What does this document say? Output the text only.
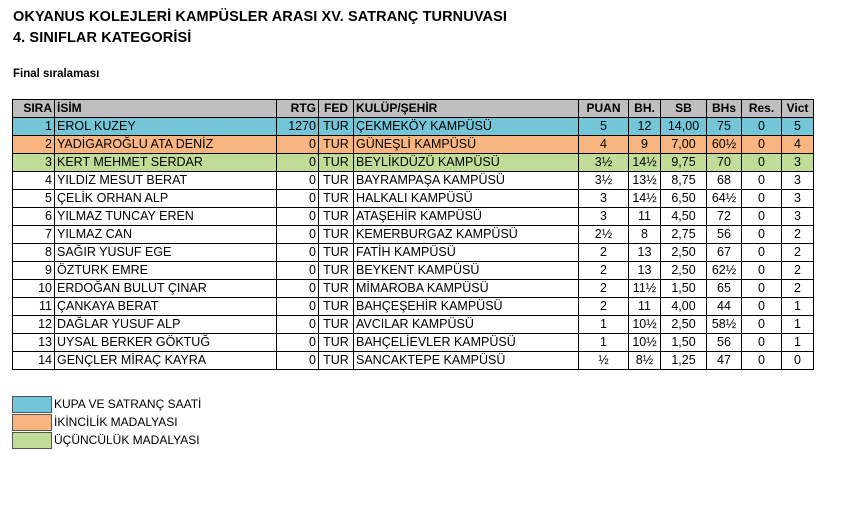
OKYANUS KOLEJLERİ KAMPÜSLER ARASI XV. SATRANÇ TURNUVASI
4. SINIFLAR KATEGORİSİ
Final sıralaması
SIRA	İSİM	RTG	FED	KULÜP/ŞEHİR	PUAN	BH.	SB	BHs	Res.	Vict
1	EROL KUZEY	1270	TUR	ÇEKMEKÖY KAMPÜSÜ	5	12	14,00	75	0	5
2	YADİGAROĞLU ATA DENİZ	0	TUR	GÜNEŞLİ KAMPÜSÜ	4	9	7,00	60½	0	4
3	KERT MEHMET SERDAR	0	TUR	BEYLİKDÜZÜ KAMPÜSÜ	3½	14½	9,75	70	0	3
4	YILDIZ MESUT BERAT	0	TUR	BAYRAMPAŞA KAMPÜSÜ	3½	13½	8,75	68	0	3
5	ÇELİK ORHAN ALP	0	TUR	HALKALI KAMPÜSÜ	3	14½	6,50	64½	0	3
6	YILMAZ TUNCAY EREN	0	TUR	ATAŞEHİR KAMPÜSÜ	3	11	4,50	72	0	3
7	YILMAZ CAN	0	TUR	KEMERBURGAZ KAMPÜSÜ	2½	8	2,75	56	0	2
8	SAĞIR YUSUF EGE	0	TUR	FATİH KAMPÜSÜ	2	13	2,50	67	0	2
9	ÖZTURK EMRE	0	TUR	BEYKENT KAMPÜSÜ	2	13	2,50	62½	0	2
10	ERDOĞAN BULUT ÇINAR	0	TUR	MİMAROBA KAMPÜSÜ	2	11½	1,50	65	0	2
11	ÇANKAYA BERAT	0	TUR	BAHÇEŞEHİR KAMPÜSÜ	2	11	4,00	44	0	1
12	DAĞLAR YUSUF ALP	0	TUR	AVCILAR KAMPÜSÜ	1	10½	2,50	58½	0	1
13	UYSAL BERKER GÖKTUĞ	0	TUR	BAHÇELİEVLER KAMPÜSÜ	1	10½	1,50	56	0	1
14	GENÇLER MİRAÇ KAYRA	0	TUR	SANCAKTEPE KAMPÜSÜ	½	8½	1,25	47	0	0
KUPA VE SATRANÇ SAATİ
İKİNCİLİK MADALYASI
ÜÇÜNCÜLÜK MADALYASI
